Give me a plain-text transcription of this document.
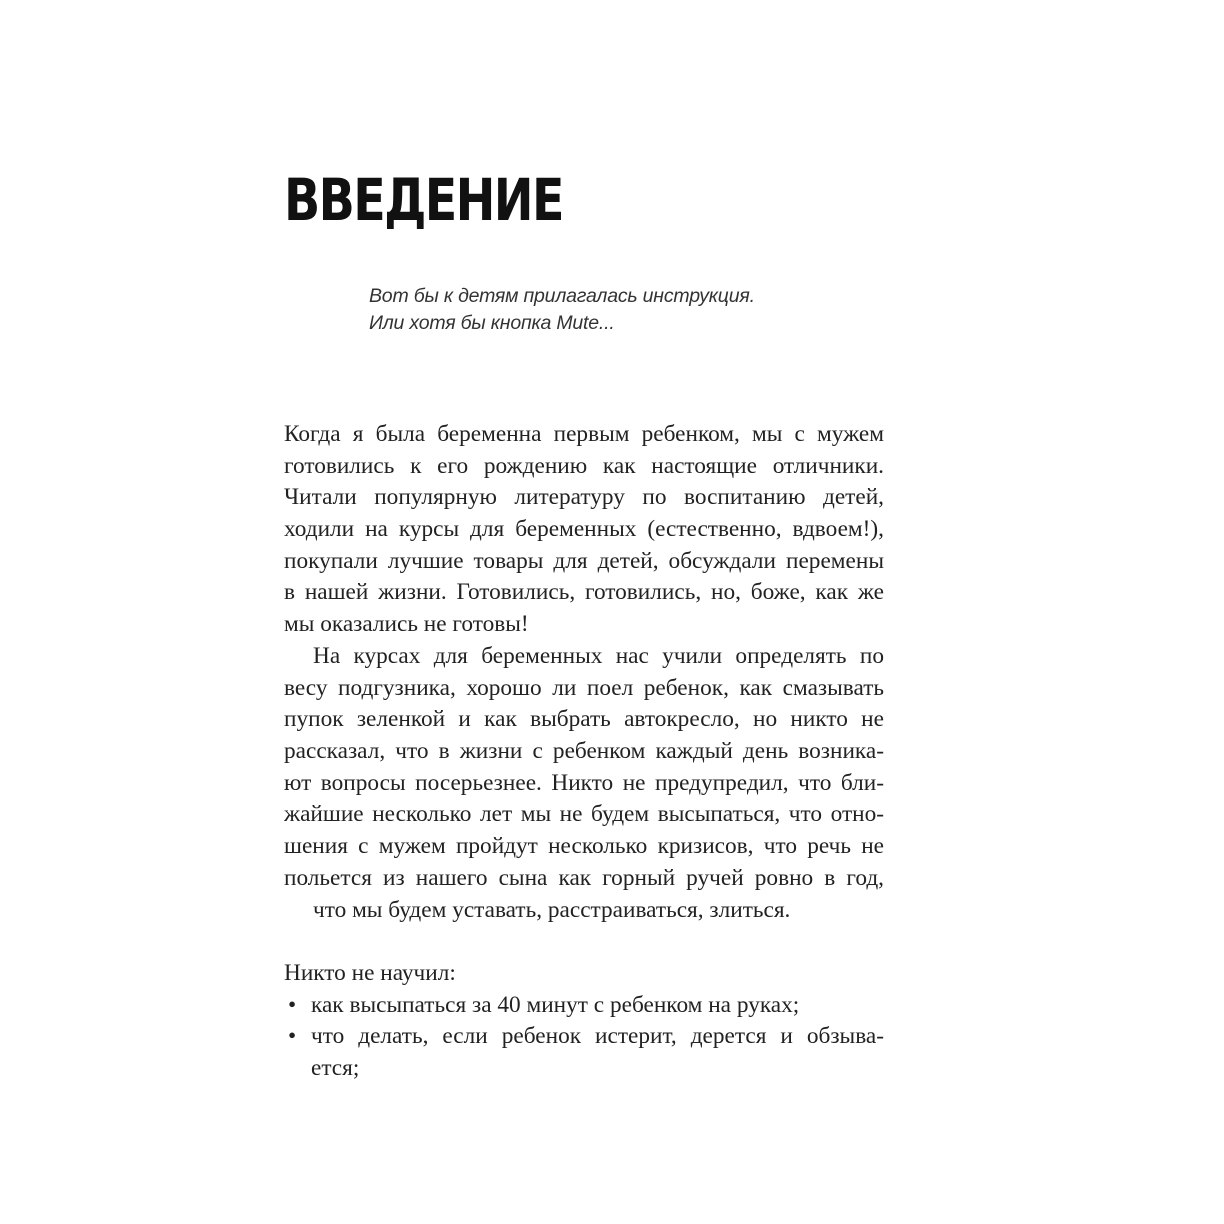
ВВЕДЕНИЕ
Вот бы к детям прилагалась инструкция.
Или хотя бы кнопка Mute...
Когда я была беременна первым ребенком, мы с мужем
готовились к его рождению как настоящие отличники.
Читали популярную литературу по воспитанию детей,
ходили на курсы для беременных (естественно, вдвоем!),
покупали лучшие товары для детей, обсуждали перемены
в нашей жизни. Готовились, готовились, но, боже, как же
мы оказались не готовы!
На курсах для беременных нас учили определять по
весу подгузника, хорошо ли поел ребенок, как смазывать
пупок зеленкой и как выбрать автокресло, но никто не
рассказал, что в жизни с ребенком каждый день возника-
ют вопросы посерьезнее. Никто не предупредил, что бли-
жайшие несколько лет мы не будем высыпаться, что отно-
шения с мужем пройдут несколько кризисов, что речь не
польется из нашего сына как горный ручей ровно в год,
что мы будем уставать, расстраиваться, злиться.
Никто не научил:
• как высыпаться за 40 минут с ребенком на руках;
• что делать, если ребенок истерит, дерется и обзыва-
ется;
